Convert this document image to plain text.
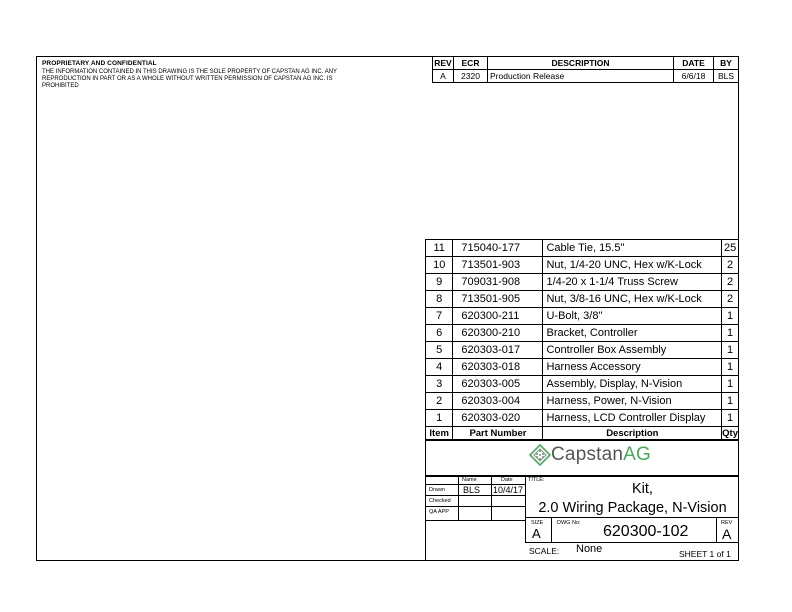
PROPRIETARY AND CONFIDENTIAL
THE INFORMATION CONTAINED IN THIS DRAWING IS THE SOLE PROPERTY OF CAPSTAN AG INC. ANY REPRODUCTION IN PART OR AS A WHOLE WITHOUT WRITTEN PERMISSION OF CAPSTAN AG INC. IS PROHIBITED
REV	ECR	DESCRIPTION	DATE	BY
A	2320	Production Release	6/6/18	BLS
11	715040-177	Cable Tie, 15.5"	25
10	713501-903	Nut, 1/4-20 UNC, Hex w/K-Lock	2
9	709031-908	1/4-20 x 1-1/4 Truss Screw	2
8	713501-905	Nut, 3/8-16 UNC, Hex w/K-Lock	2
7	620300-211	U-Bolt, 3/8"	1
6	620300-210	Bracket, Controller	1
5	620303-017	Controller Box Assembly	1
4	620303-018	Harness Accessory	1
3	620303-005	Assembly, Display, N-Vision	1
2	620303-004	Harness, Power, N-Vision	1
1	620303-020	Harness, LCD Controller Display	1
Item	Part Number	Description	Qty
CapstanAG
Name	Date
Drawn BLS 10/4/17
Checked
QA APP
TITLE:
Kit,
2.0 Wiring Package, N-Vision
SIZE
A
DWG No: 620300-102	REV
A
SCALE: None	SHEET 1 of 1
